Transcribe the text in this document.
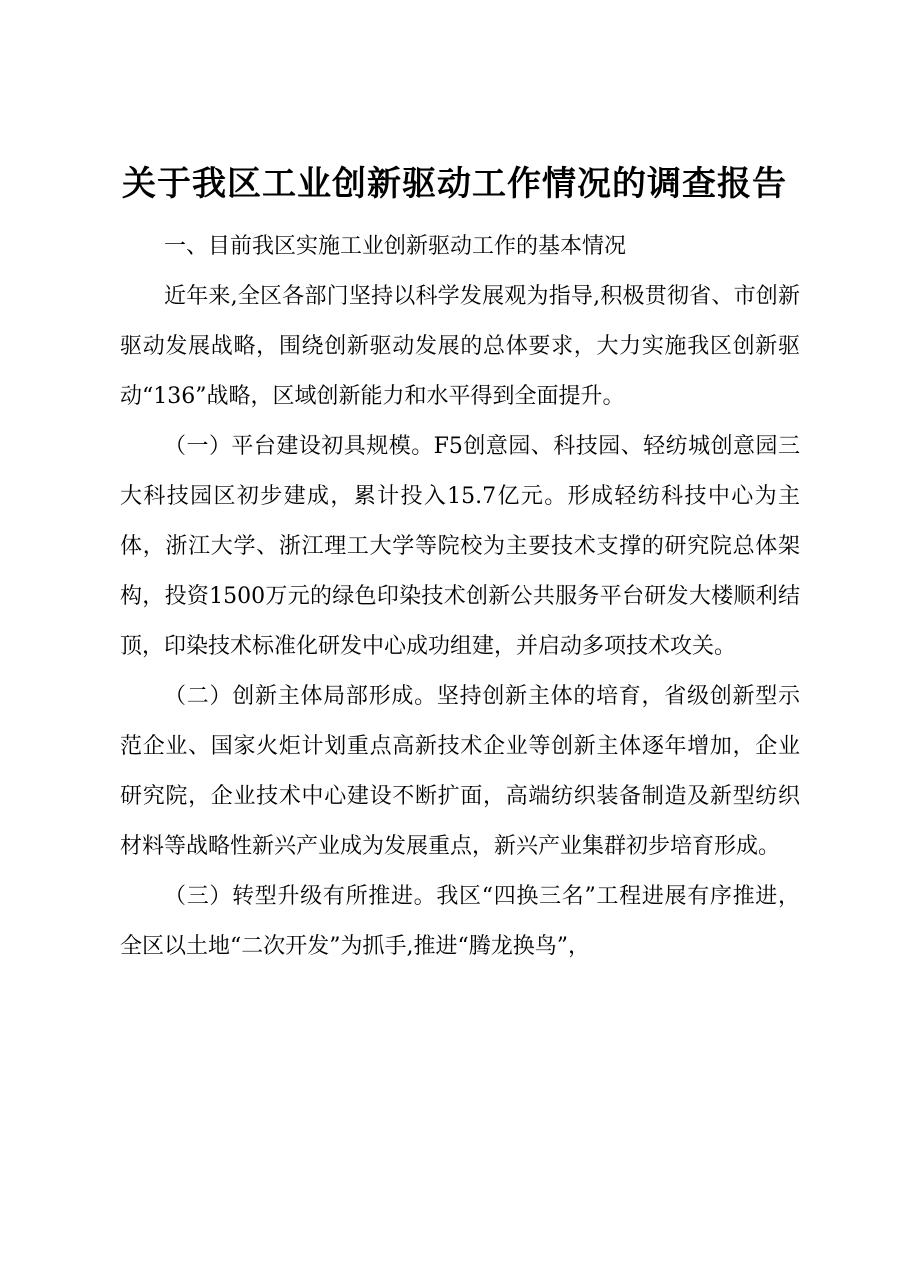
关于我区工业创新驱动工作情况的调查报告

一、目前我区实施工业创新驱动工作的基本情况

近年来,全区各部门坚持以科学发展观为指导,积极贯彻省、市创新驱动发展战略，围绕创新驱动发展的总体要求，大力实施我区创新驱动“136”战略，区域创新能力和水平得到全面提升。

（一）平台建设初具规模。F5创意园、科技园、轻纺城创意园三大科技园区初步建成，累计投入15.7亿元。形成轻纺科技中心为主体，浙江大学、浙江理工大学等院校为主要技术支撑的研究院总体架构，投资1500万元的绿色印染技术创新公共服务平台研发大楼顺利结顶，印染技术标准化研发中心成功组建，并启动多项技术攻关。

（二）创新主体局部形成。坚持创新主体的培育，省级创新型示范企业、国家火炬计划重点高新技术企业等创新主体逐年增加，企业研究院，企业技术中心建设不断扩面，高端纺织装备制造及新型纺织材料等战略性新兴产业成为发展重点，新兴产业集群初步培育形成。

（三）转型升级有所推进。我区“四换三名”工程进展有序推进，全区以土地“二次开发”为抓手,推进“腾龙换鸟”，
